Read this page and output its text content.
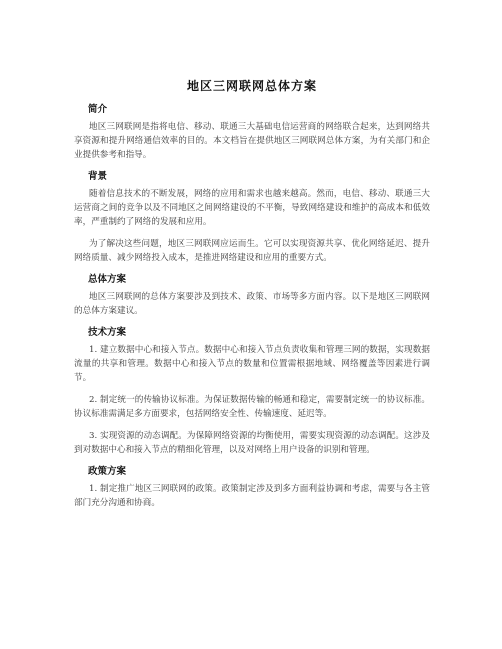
地区三网联网总体方案
简介

地区三网联网是指将电信、移动、联通三大基础电信运营商的网络联合起来，达到网络共享资源和提升网络通信效率的目的。本文档旨在提供地区三网联网总体方案，为有关部门和企业提供参考和指导。

背景

随着信息技术的不断发展，网络的应用和需求也越来越高。然而，电信、移动、联通三大运营商之间的竞争以及不同地区之间网络建设的不平衡，导致网络建设和维护的高成本和低效率，严重制约了网络的发展和应用。

为了解决这些问题，地区三网联网应运而生。它可以实现资源共享、优化网络延迟、提升网络质量、减少网络投入成本，是推进网络建设和应用的重要方式。

总体方案

地区三网联网的总体方案要涉及到技术、政策、市场等多方面内容。以下是地区三网联网的总体方案建议。

技术方案

1. 建立数据中心和接入节点。数据中心和接入节点负责收集和管理三网的数据，实现数据流量的共享和管理。数据中心和接入节点的数量和位置需根据地域、网络覆盖等因素进行调节。

2. 制定统一的传输协议标准。为保证数据传输的畅通和稳定，需要制定统一的协议标准。协议标准需满足多方面要求，包括网络安全性、传输速度、延迟等。

3. 实现资源的动态调配。为保障网络资源的均衡使用，需要实现资源的动态调配。这涉及到对数据中心和接入节点的精细化管理，以及对网络上用户设备的识别和管理。

政策方案

1. 制定推广地区三网联网的政策。政策制定涉及到多方面利益协调和考虑，需要与各主管部门充分沟通和协商。
